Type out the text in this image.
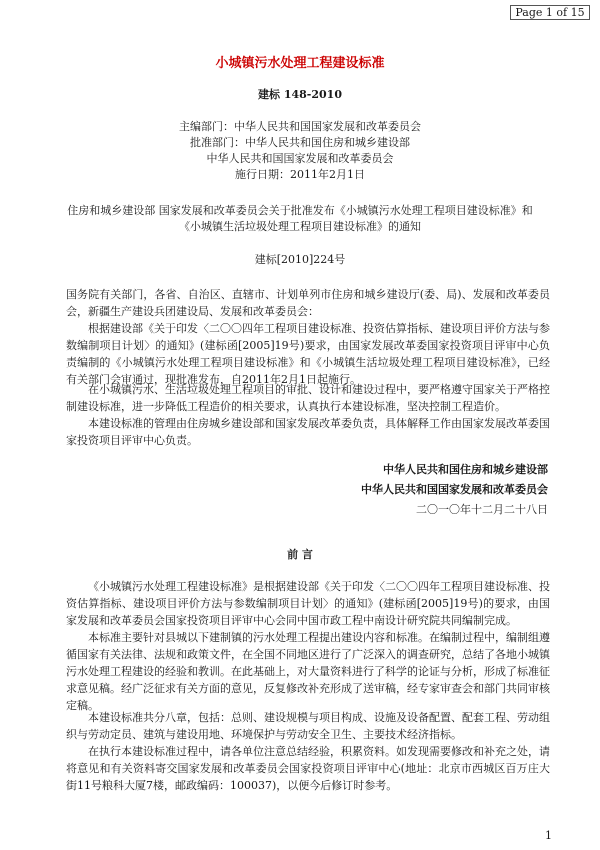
Page 1 of 15
小城镇污水处理工程建设标准
建标 148-2010
主编部门：中华人民共和国国家发展和改革委员会
批准部门：中华人民共和国住房和城乡建设部
中华人民共和国国家发展和改革委员会
施行日期：2011年2月1日
住房和城乡建设部 国家发展和改革委员会关于批准发布《小城镇污水处理工程项目建设标准》和
《小城镇生活垃圾处理工程项目建设标准》的通知
建标[2010]224号
国务院有关部门，各省、自治区、直辖市、计划单列市住房和城乡建设厅(委、局)、发展和改革委员会，新疆生产建设兵团建设局、发展和改革委员会：
根据建设部《关于印发〈二〇〇四年工程项目建设标准、投资估算指标、建设项目评价方法与参数编制项目计划〉的通知》(建标函[2005]19号)要求，由国家发展改革委国家投资项目评审中心负责编制的《小城镇污水处理工程项目建设标准》和《小城镇生活垃圾处理工程项目建设标准》，已经有关部门会审通过，现批准发布，自2011年2月1日起施行。
在小城镇污水、生活垃圾处理工程项目的审批、设计和建设过程中，要严格遵守国家关于严格控制建设标准，进一步降低工程造价的相关要求，认真执行本建设标准，坚决控制工程造价。
本建设标准的管理由住房城乡建设部和国家发展改革委负责，具体解释工作由国家发展改革委国家投资项目评审中心负责。
中华人民共和国住房和城乡建设部
中华人民共和国国家发展和改革委员会
二〇一〇年十二月二十八日
前 言
《小城镇污水处理工程建设标准》是根据建设部《关于印发〈二〇〇四年工程项目建设标准、投资估算指标、建设项目评价方法与参数编制项目计划〉的通知》(建标函[2005]19号)的要求，由国家发展和改革委员会国家投资项目评审中心会同中国市政工程中南设计研究院共同编制完成。
本标准主要针对县城以下建制镇的污水处理工程提出建设内容和标准。在编制过程中，编制组遵循国家有关法律、法规和政策文件，在全国不同地区进行了广泛深入的调查研究，总结了各地小城镇污水处理工程建设的经验和教训。在此基础上，对大量资料进行了科学的论证与分析，形成了标准征求意见稿。经广泛征求有关方面的意见，反复修改补充形成了送审稿，经专家审查会和部门共同审核定稿。
本建设标准共分八章，包括：总则、建设规模与项目构成、设施及设备配置、配套工程、劳动组织与劳动定员、建筑与建设用地、环境保护与劳动安全卫生、主要技术经济指标。
在执行本建设标准过程中，请各单位注意总结经验，积累资料。如发现需要修改和补充之处，请将意见和有关资料寄交国家发展和改革委员会国家投资项目评审中心(地址：北京市西城区百万庄大街11号粮科大厦7楼，邮政编码：100037)，以便今后修订时参考。
1
